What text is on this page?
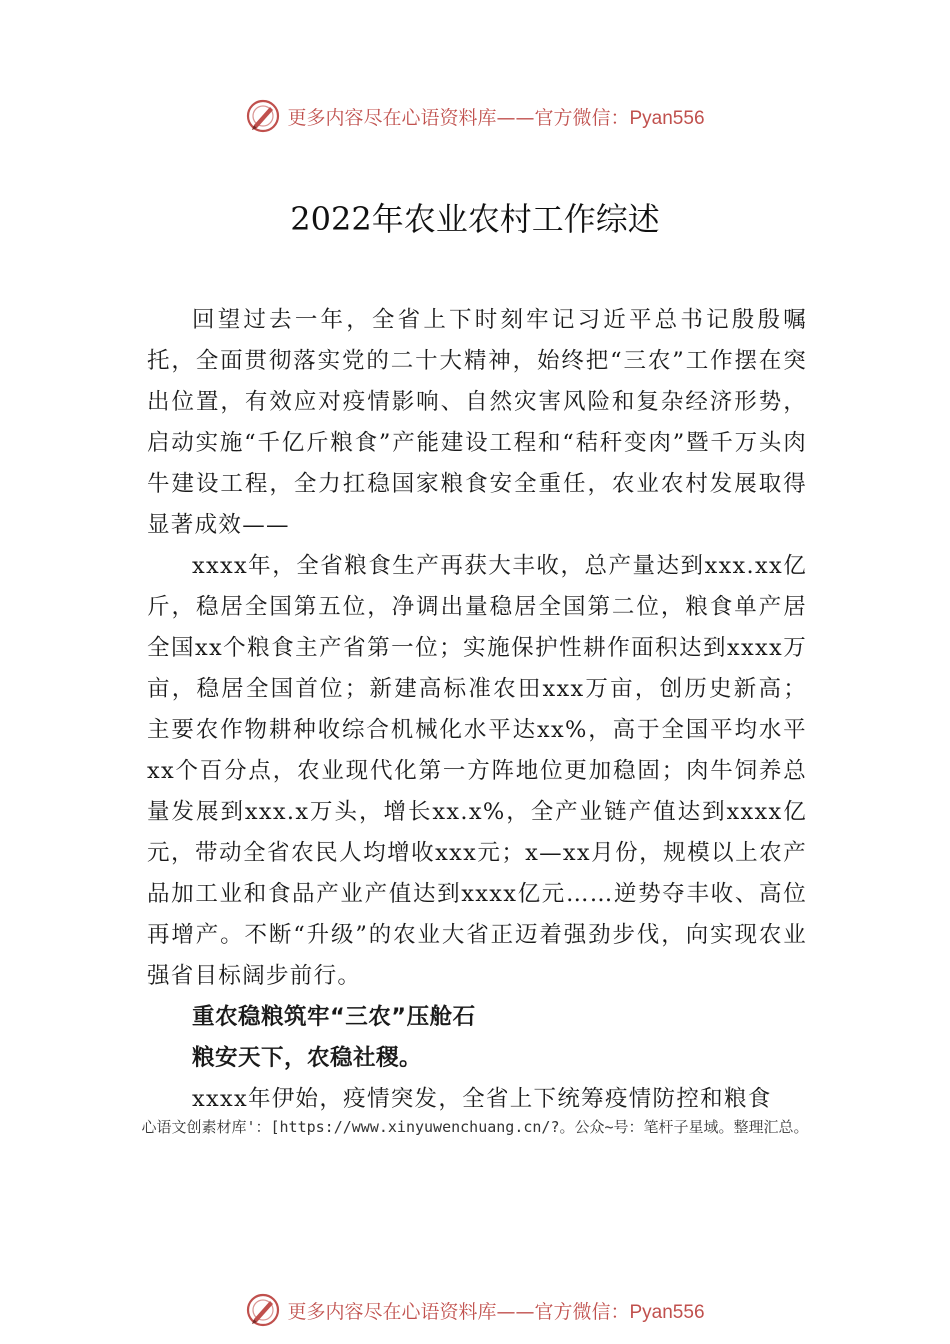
更多内容尽在心语资料库——官方微信：Pyan556
2022年农业农村工作综述

回望过去一年，全省上下时刻牢记习近平总书记殷殷嘱托，全面贯彻落实党的二十大精神，始终把“三农”工作摆在突出位置，有效应对疫情影响、自然灾害风险和复杂经济形势，启动实施“千亿斤粮食”产能建设工程和“秸秆变肉”暨千万头肉牛建设工程，全力扛稳国家粮食安全重任，农业农村发展取得显著成效——

xxxx年，全省粮食生产再获大丰收，总产量达到xxx.xx亿斤，稳居全国第五位，净调出量稳居全国第二位，粮食单产居全国xx个粮食主产省第一位；实施保护性耕作面积达到xxxx万亩，稳居全国首位；新建高标准农田xxx万亩，创历史新高；主要农作物耕种收综合机械化水平达xx%，高于全国平均水平xx个百分点，农业现代化第一方阵地位更加稳固；肉牛饲养总量发展到xxx.x万头，增长xx.x%，全产业链产值达到xxxx亿元，带动全省农民人均增收xxx元；x—xx月份，规模以上农产品加工业和食品产业产值达到xxxx亿元……逆势夺丰收、高位再增产。不断“升级”的农业大省正迈着强劲步伐，向实现农业强省目标阔步前行。

重农稳粮筑牢“三农”压舱石

粮安天下，农稳社稷。

xxxx年伊始，疫情突发，全省上下统筹疫情防控和粮食

心语文创素材库'：[https://www.xinyuwenchuang.cn/?。公众~号：笔杆子星域。整理汇总。
更多内容尽在心语资料库——官方微信：Pyan556
